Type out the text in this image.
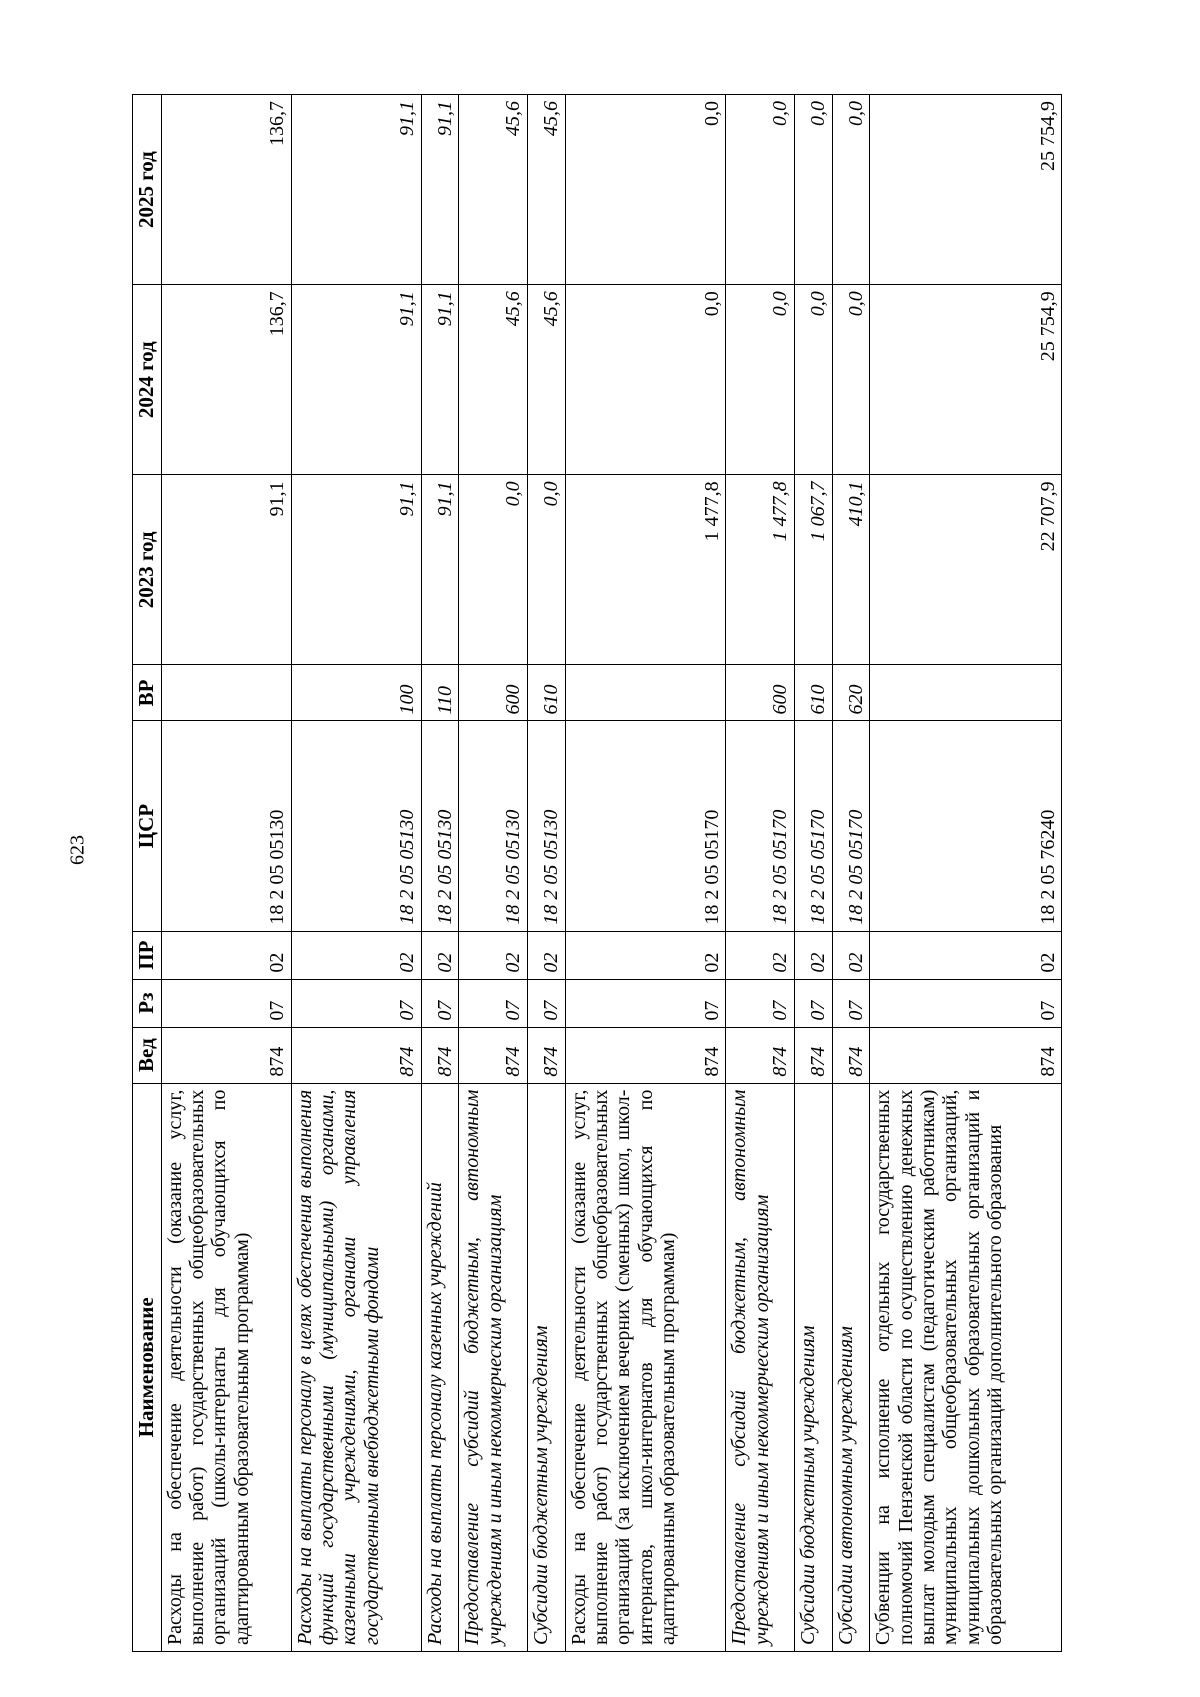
623
Наименование	Вед	Рз	ПР	ЦСР	ВР	2023 год	2024 год	2025 год
Расходы на обеспечение деятельности (оказание услуг, выполнение работ) государственных общеобразовательных организаций (школы-интернаты для обучающихся по адаптированным образовательным программам)	874	07	02	18 2 05 05130		91,1	136,7	136,7
Расходы на выплаты персоналу в целях обеспечения выполнения функций государственными (муниципальными) органами, казенными учреждениями, органами управления государственными внебюджетными фондами	874	07	02	18 2 05 05130	100	91,1	91,1	91,1
Расходы на выплаты персоналу казенных учреждений	874	07	02	18 2 05 05130	110	91,1	91,1	91,1
Предоставление субсидий бюджетным, автономным учреждениям и иным некоммерческим организациям	874	07	02	18 2 05 05130	600	0,0	45,6	45,6
Субсидии бюджетным учреждениям	874	07	02	18 2 05 05130	610	0,0	45,6	45,6
Расходы на обеспечение деятельности (оказание услуг, выполнение работ) государственных общеобразовательных организаций (за исключением вечерних (сменных) школ, школ-интернатов, школ-интернатов для обучающихся по адаптированным образовательным программам)	874	07	02	18 2 05 05170		1 477,8	0,0	0,0
Предоставление субсидий бюджетным, автономным учреждениям и иным некоммерческим организациям	874	07	02	18 2 05 05170	600	1 477,8	0,0	0,0
Субсидии бюджетным учреждениям	874	07	02	18 2 05 05170	610	1 067,7	0,0	0,0
Субсидии автономным учреждениям	874	07	02	18 2 05 05170	620	410,1	0,0	0,0
Субвенции на исполнение отдельных государственных полномочий Пензенской области по осуществлению денежных выплат молодым специалистам (педагогическим работникам) муниципальных общеобразовательных организаций, муниципальных дошкольных образовательных организаций и образовательных организаций дополнительного образования	874	07	02	18 2 05 76240		22 707,9	25 754,9	25 754,9
